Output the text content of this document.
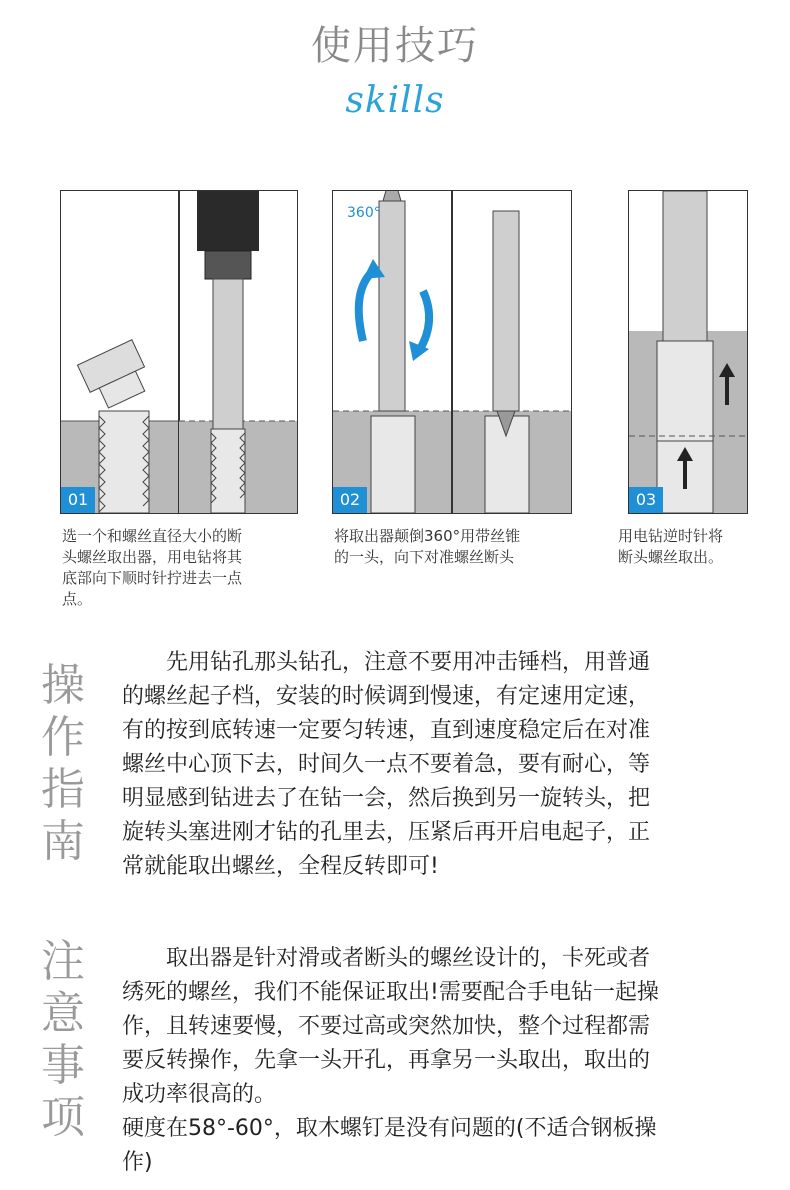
使用技巧
skills
01
360°
02	03
选一个和螺丝直径大小的断
头螺丝取出器，用电钻将其
底部向下顺时针拧进去一点
点。
将取出器颠倒360°用带丝锥
的一头，向下对准螺丝断头
用电钻逆时针将
断头螺丝取出。
操
作
指
南
先用钻孔那头钻孔，注意不要用冲击锤档，用普通
的螺丝起子档，安装的时候调到慢速，有定速用定速，
有的按到底转速一定要匀转速，直到速度稳定后在对准
螺丝中心顶下去，时间久一点不要着急，要有耐心，等
明显感到钻进去了在钻一会，然后换到另一旋转头，把
旋转头塞进刚才钻的孔里去，压紧后再开启电起子，正
常就能取出螺丝，全程反转即可!
注
意
事
项
取出器是针对滑或者断头的螺丝设计的，卡死或者
绣死的螺丝，我们不能保证取出!需要配合手电钻一起操
作，且转速要慢，不要过高或突然加快，整个过程都需
要反转操作，先拿一头开孔，再拿另一头取出，取出的
成功率很高的。
硬度在58°-60°，取木螺钉是没有问题的(不适合钢板操
作)
